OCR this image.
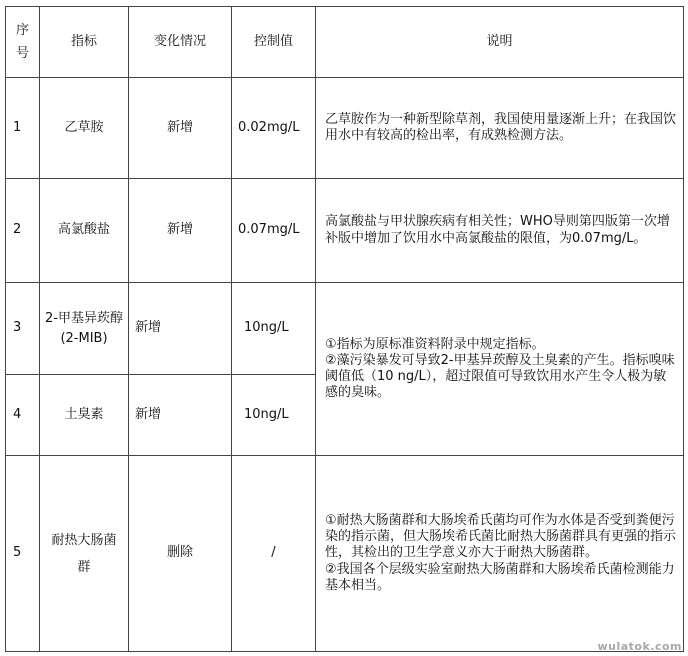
序号	指标	变化情况	控制值	说明
1	乙草胺	新增	0.02mg/L	乙草胺作为一种新型除草剂，我国使用量逐渐上升；在我国饮用水中有较高的检出率，有成熟检测方法。
2	高氯酸盐	新增	0.07mg/L	高氯酸盐与甲状腺疾病有相关性；WHO导则第四版第一次增补版中增加了饮用水中高氯酸盐的限值，为0.07mg/L。
3	2-甲基异莰醇(2-MIB)	新增	10ng/L	①指标为原标准资料附录中规定指标。
②藻污染暴发可导致2-甲基异莰醇及土臭素的产生。指标嗅味阈值低（10 ng/L），超过限值可导致饮用水产生令人极为敏感的臭味。

4	土臭素	新增	10ng/L	
5	耐热大肠菌群	删除	/	①耐热大肠菌群和大肠埃希氏菌均可作为水体是否受到粪便污染的指示菌，但大肠埃希氏菌比耐热大肠菌群具有更强的指示性，其检出的卫生学意义亦大于耐热大肠菌群。
②我国各个层级实验室耐热大肠菌群和大肠埃希氏菌检测能力基本相当。
wulatok.com
